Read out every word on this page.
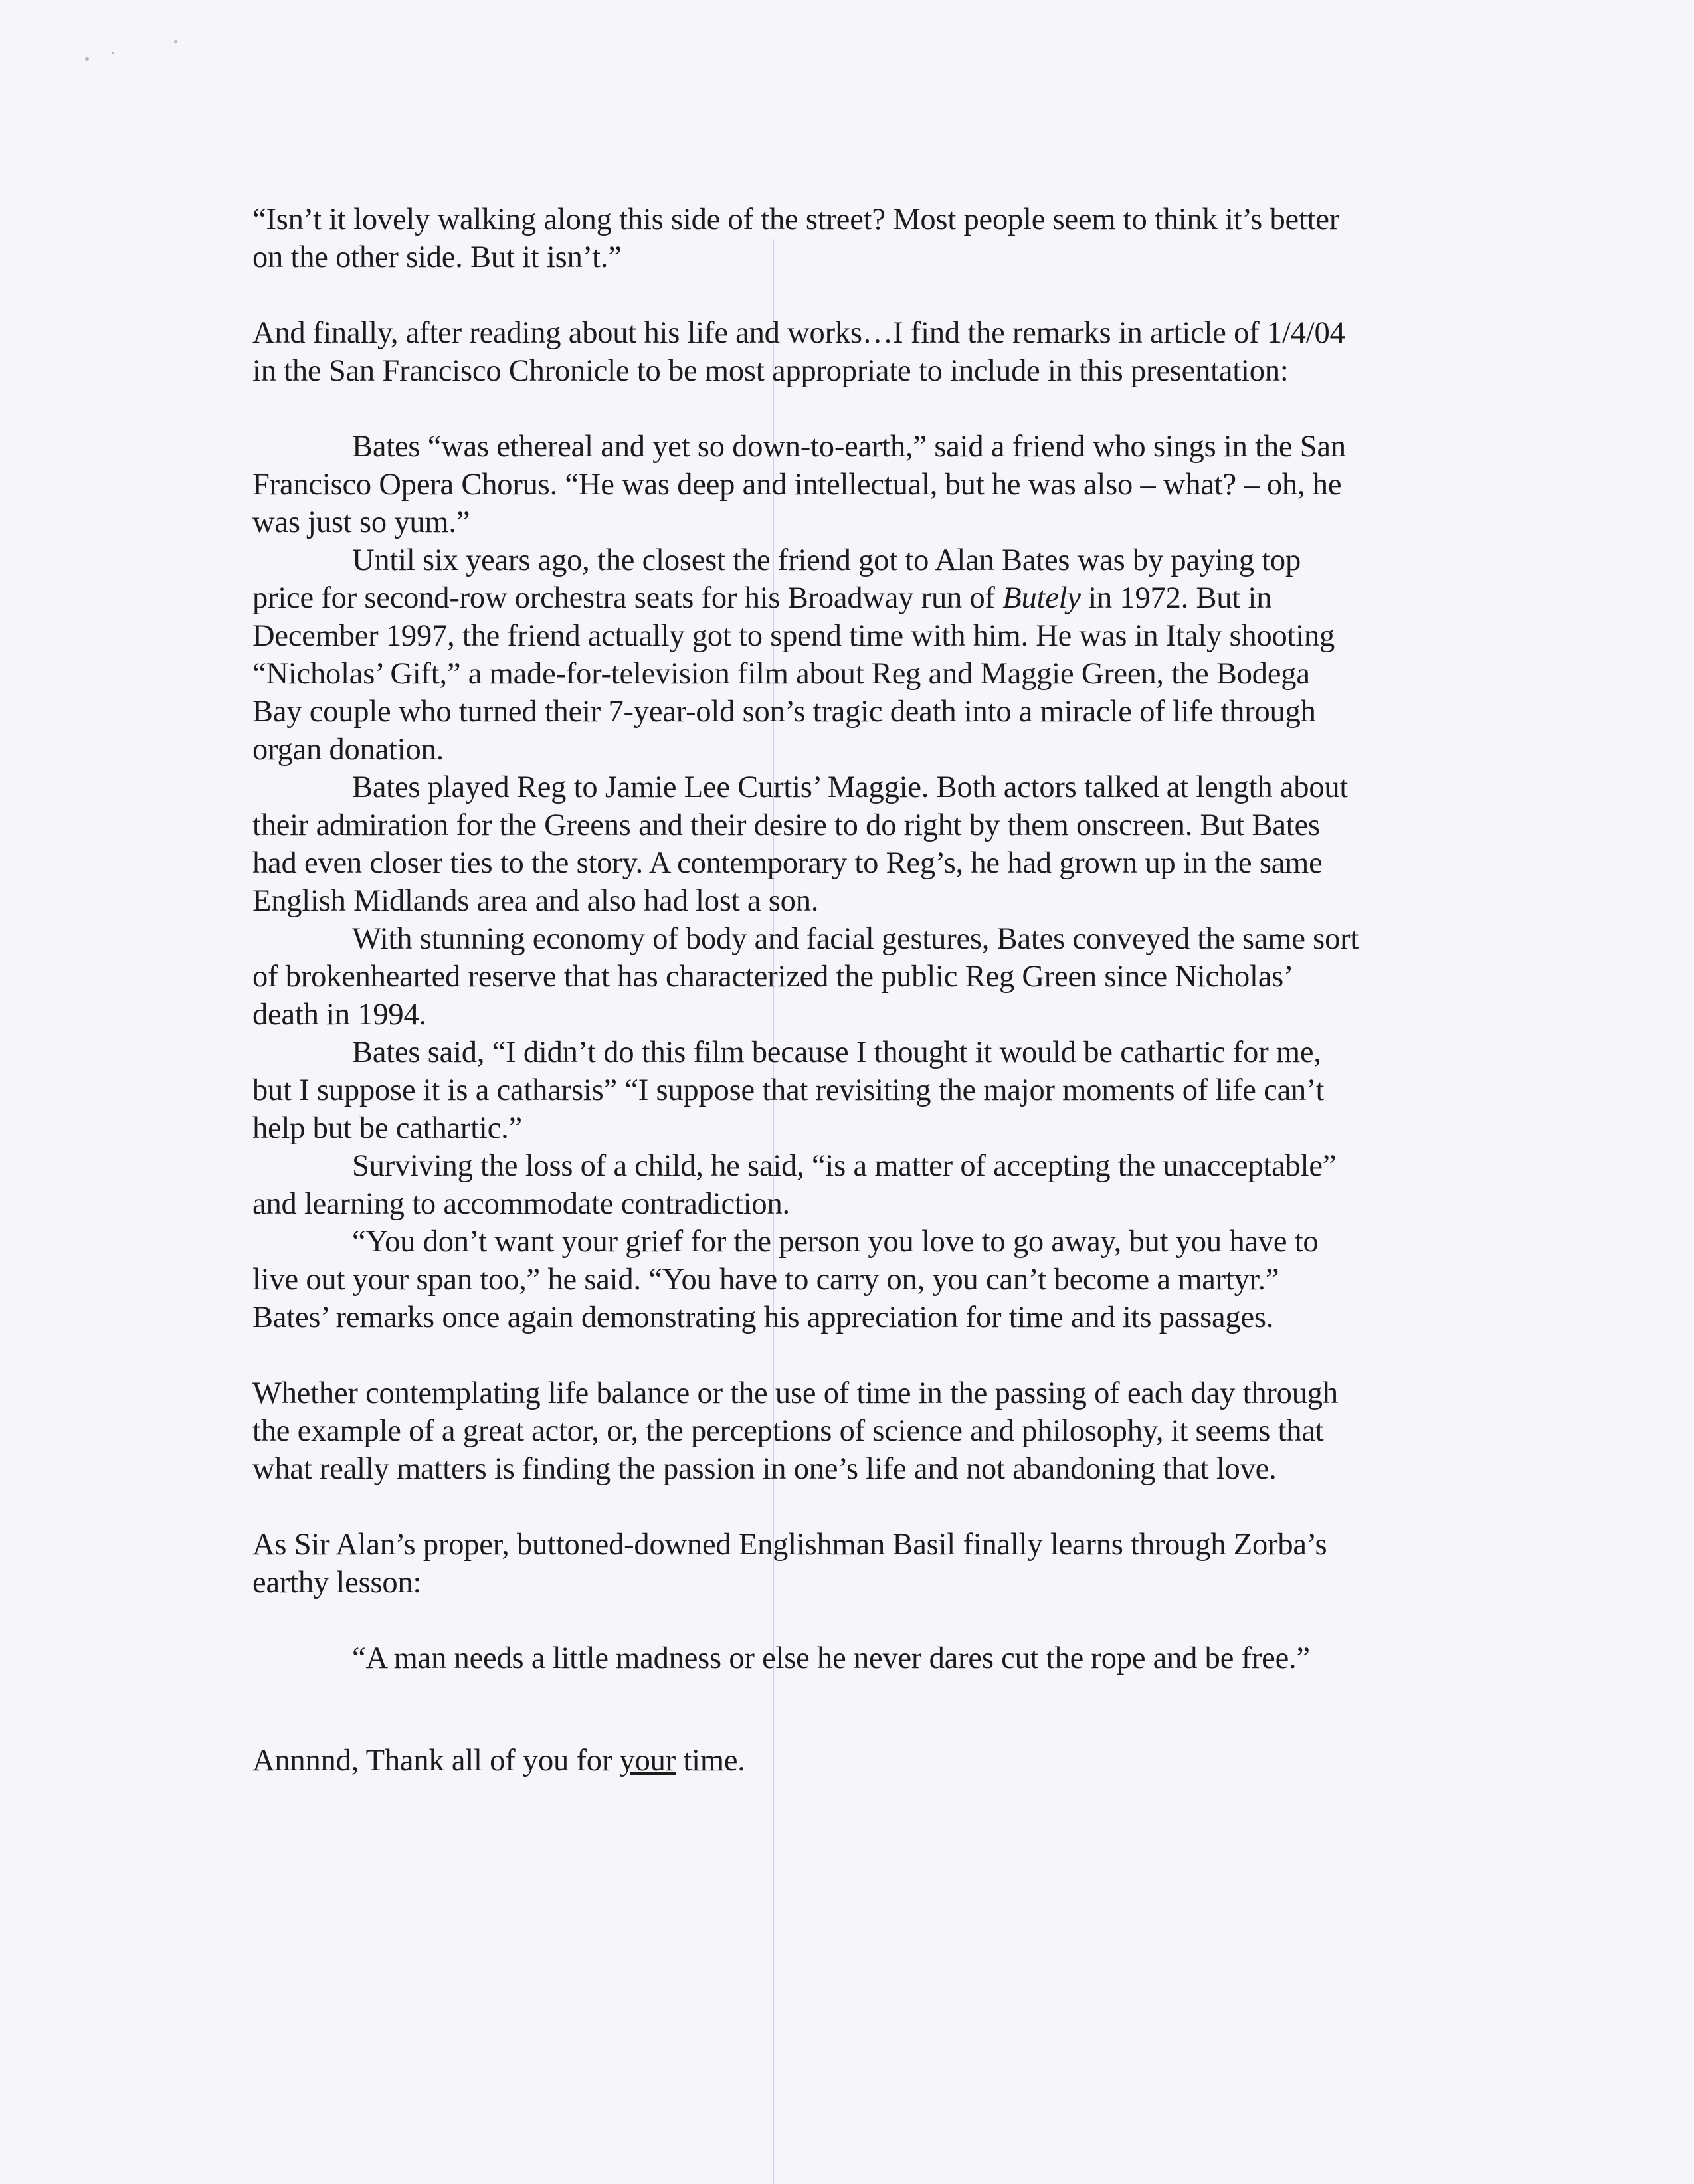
“Isn’t it lovely walking along this side of the street? Most people seem to think it’s better

on the other side. But it isn’t.”

And finally, after reading about his life and works…I find the remarks in article of 1/4/04

in the San Francisco Chronicle to be most appropriate to include in this presentation:

Bates “was ethereal and yet so down-to-earth,” said a friend who sings in the San

Francisco Opera Chorus. “He was deep and intellectual, but he was also – what? – oh, he

was just so yum.”

Until six years ago, the closest the friend got to Alan Bates was by paying top

price for second-row orchestra seats for his Broadway run of Butely in 1972. But in

December 1997, the friend actually got to spend time with him. He was in Italy shooting

“Nicholas’ Gift,” a made-for-television film about Reg and Maggie Green, the Bodega

Bay couple who turned their 7-year-old son’s tragic death into a miracle of life through

organ donation.

Bates played Reg to Jamie Lee Curtis’ Maggie. Both actors talked at length about

their admiration for the Greens and their desire to do right by them onscreen. But Bates

had even closer ties to the story. A contemporary to Reg’s, he had grown up in the same

English Midlands area and also had lost a son.

With stunning economy of body and facial gestures, Bates conveyed the same sort

of brokenhearted reserve that has characterized the public Reg Green since Nicholas’

death in 1994.

Bates said, “I didn’t do this film because I thought it would be cathartic for me,

but I suppose it is a catharsis” “I suppose that revisiting the major moments of life can’t

help but be cathartic.”

Surviving the loss of a child, he said, “is a matter of accepting the unacceptable”

and learning to accommodate contradiction.

“You don’t want your grief for the person you love to go away, but you have to

live out your span too,” he said. “You have to carry on, you can’t become a martyr.”

Bates’ remarks once again demonstrating his appreciation for time and its passages.

Whether contemplating life balance or the use of time in the passing of each day through

the example of a great actor, or, the perceptions of science and philosophy, it seems that

what really matters is finding the passion in one’s life and not abandoning that love.

As Sir Alan’s proper, buttoned-downed Englishman Basil finally learns through Zorba’s

earthy lesson:

“A man needs a little madness or else he never dares cut the rope and be free.”

Annnnd, Thank all of you for your time.
